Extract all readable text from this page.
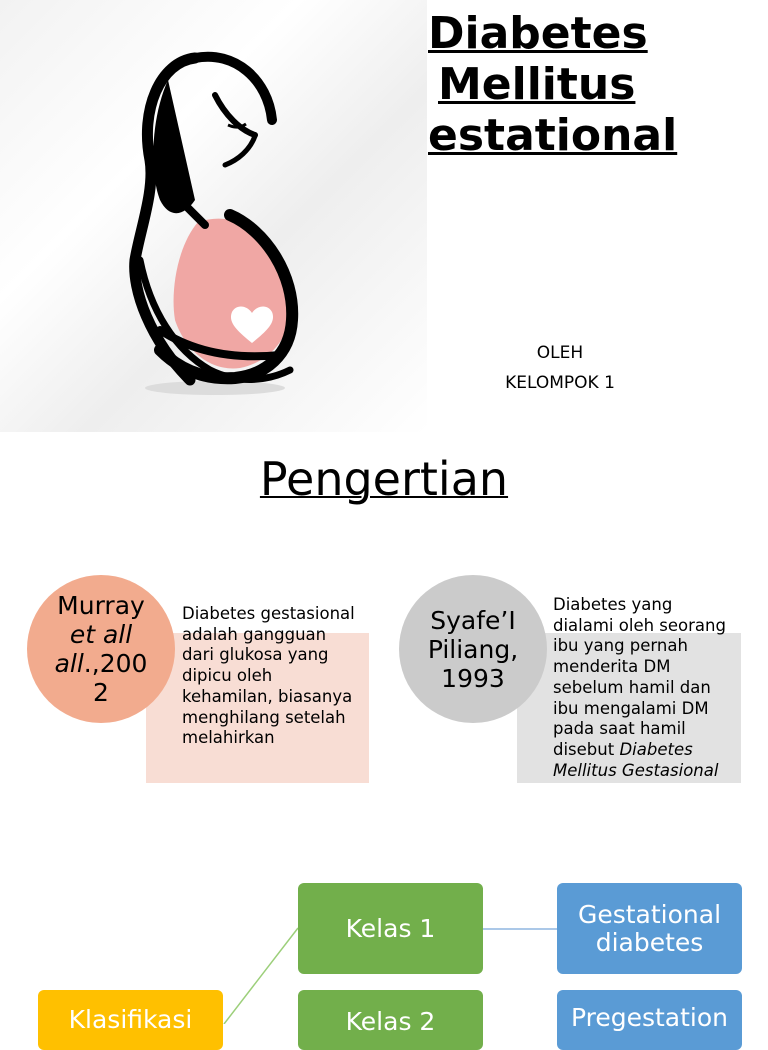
Diabetes
Mellitus
estational
OLEH
KELOMPOK 1
Pengertian
Murray
et all
all.,200
2
Diabetes gestasional adalah gangguan dari glukosa yang dipicu oleh kehamilan, biasanya menghilang setelah melahirkan
Syafe’I
Piliang,
1993
Diabetes yang dialami oleh seorang ibu yang pernah menderita DM sebelum hamil dan ibu mengalami DM pada saat hamil disebut Diabetes Mellitus Gestasional
Kelas 1	Gestational
diabetes
Kelas 2	Pregestation
Klasifikasi
